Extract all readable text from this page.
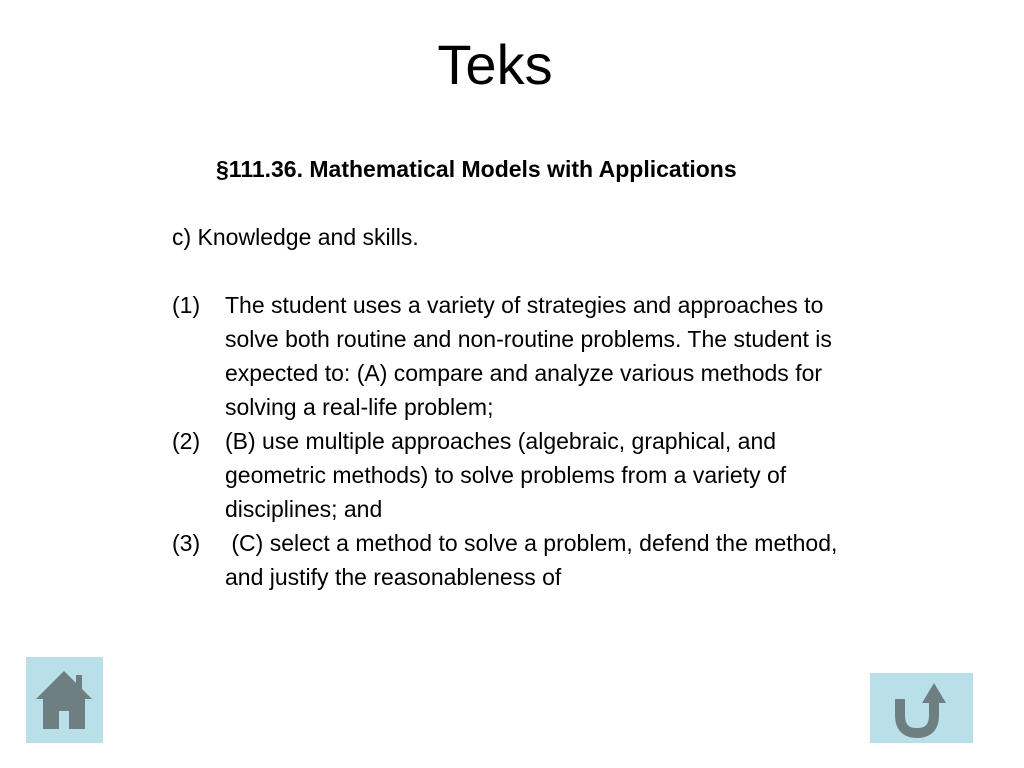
Teks
§111.36. Mathematical Models with Applications
c) Knowledge and skills.
(1)	The student uses a variety of strategies and approaches to solve both routine and non-routine problems. The student is expected to: (A) compare and analyze various methods for solving a real-life problem;
(2)	(B) use multiple approaches (algebraic, graphical, and geometric methods) to solve problems from a variety of disciplines; and
(3)	(C) select a method to solve a problem, defend the method, and justify the reasonableness of
